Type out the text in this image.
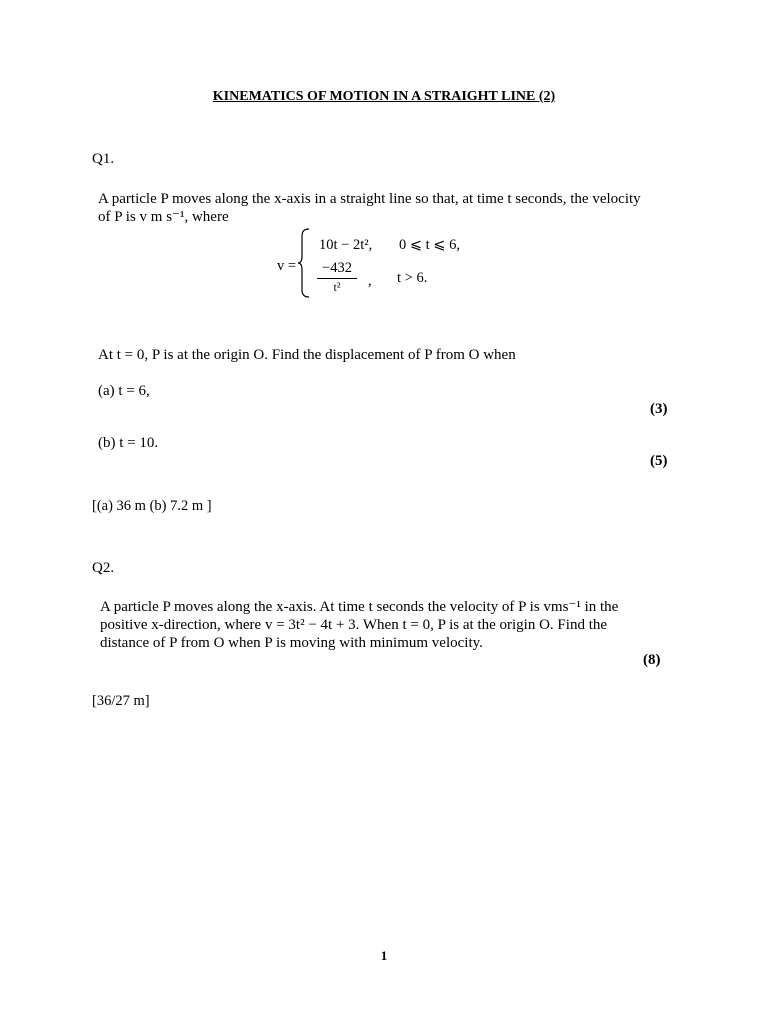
KINEMATICS OF MOTION IN A STRAIGHT LINE (2)
Q1.
A particle P moves along the x-axis in a straight line so that, at time t seconds, the velocity
of P is v m s⁻¹, where
v =
10t − 2t², 0 ⩽ t ⩽ 6,
−432
t²	, t > 6.
At t = 0, P is at the origin O. Find the displacement of P from O when
(a) t = 6,
(3)
(b) t = 10.
(5)
[(a) 36 m (b) 7.2 m ]
Q2.
A particle P moves along the x-axis. At time t seconds the velocity of P is vms⁻¹ in the
positive x-direction, where v = 3t² − 4t + 3. When t = 0, P is at the origin O. Find the
distance of P from O when P is moving with minimum velocity.
(8)
[36/27 m]
1
